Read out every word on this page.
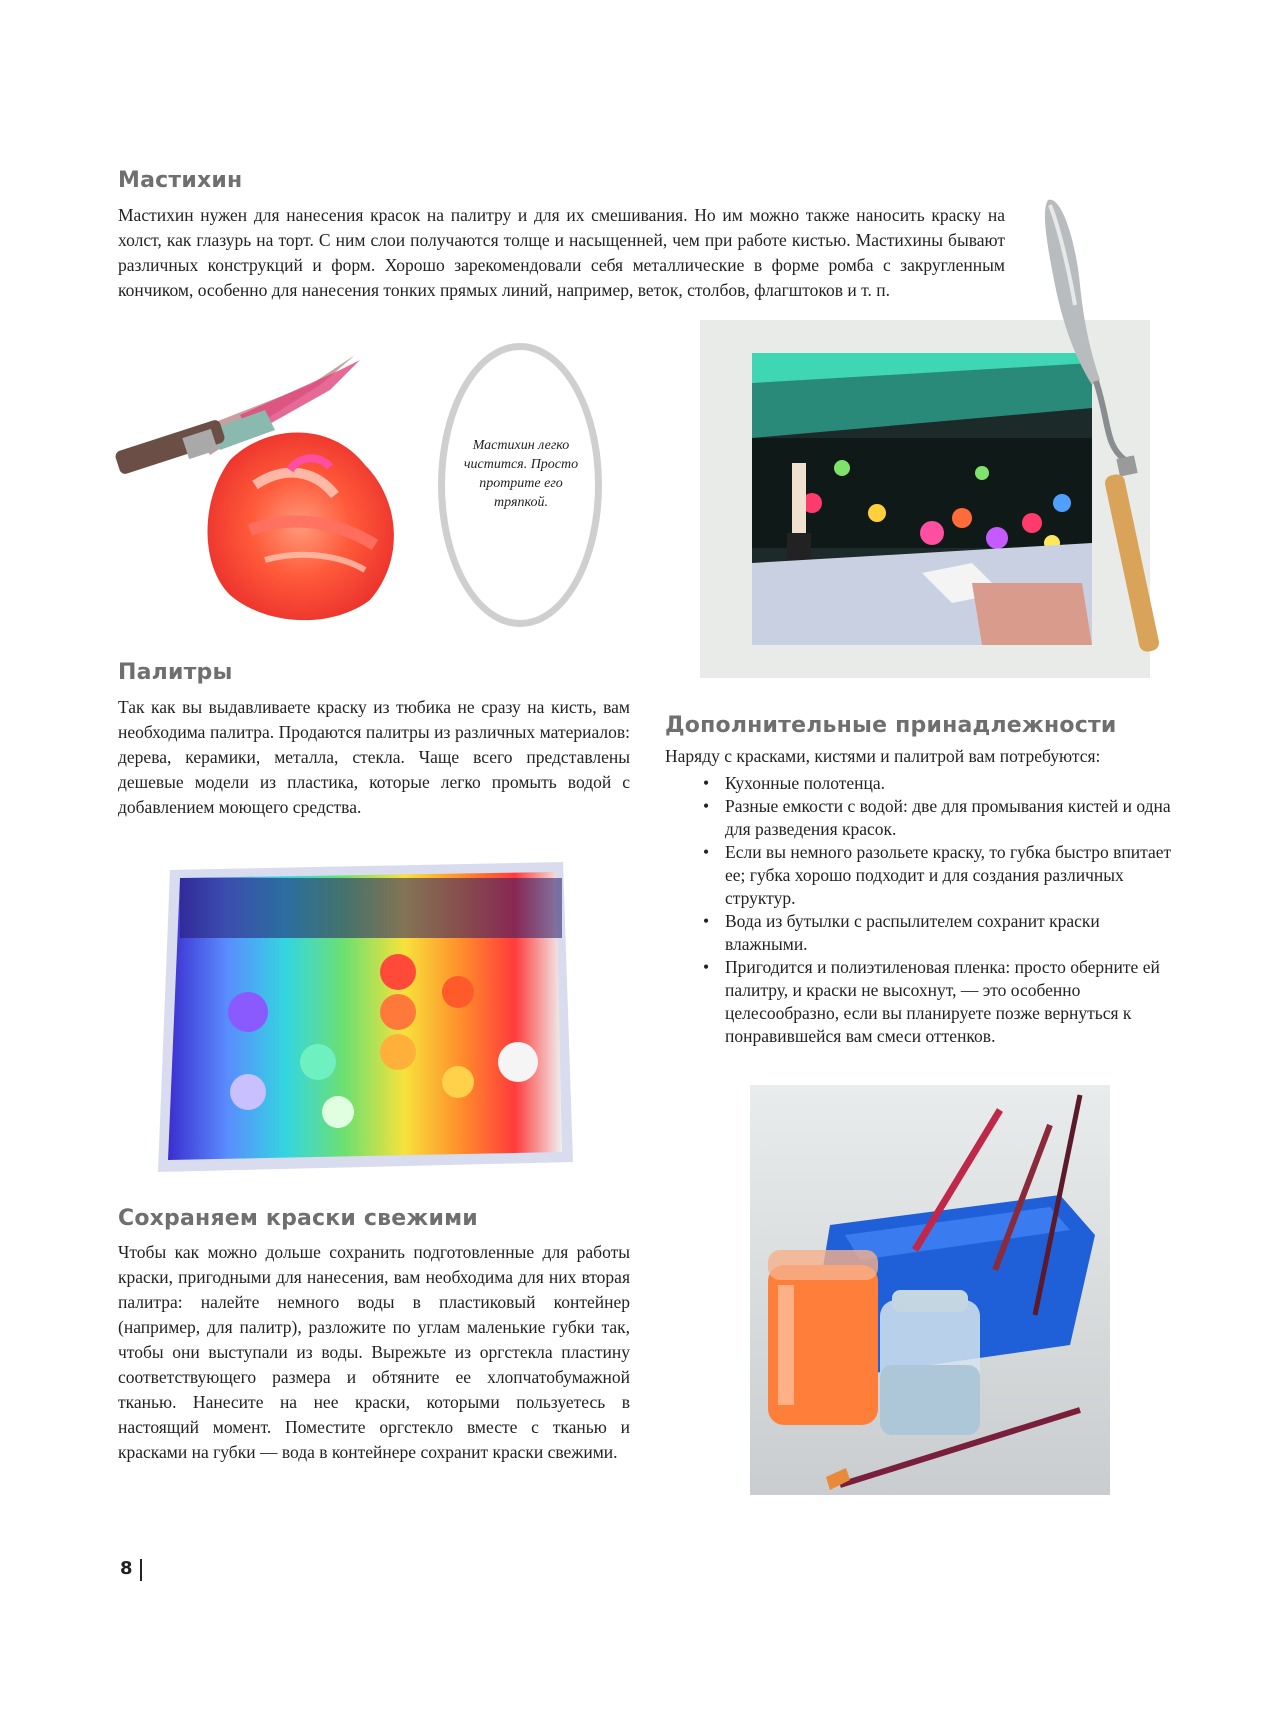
Мастихин

Мастихин нужен для нанесения красок на палитру и для их смешивания. Но им можно также наносить краску на холст, как глазурь на торт. С ним слои получаются толще и насыщенней, чем при работе кистью. Мастихины бывают различных конструкций и форм. Хорошо зарекомендовали себя металлические в форме ромба с закругленным кончиком, особенно для нанесения тонких прямых линий, например, веток, столбов, флагштоков и т. п.

Мастихин легко чистится. Просто протрите его тряпкой.
Палитры

Так как вы выдавливаете краску из тюбика не сразу на кисть, вам необходима палитра. Продаются палитры из различных материалов: дерева, керамики, металла, стекла. Чаще всего представлены дешевые модели из пластика, которые легко промыть водой с добавлением моющего средства.

Сохраняем краски свежими

Чтобы как можно дольше сохранить подготовленные для работы краски, пригодными для нанесения, вам необходима для них вторая палитра: налейте немного воды в пластиковый контейнер (например, для палитр), разложите по углам маленькие губки так, чтобы они выступали из воды. Вырежьте из оргстекла пластину соответствующего размера и обтяните ее хлопчатобумажной тканью. Нанесите на нее краски, которыми пользуетесь в настоящий момент. Поместите оргстекло вместе с тканью и красками на губки — вода в контейнере сохранит краски свежими.

Дополнительные принадлежности

Наряду с красками, кистями и палитрой вам потребуются:

• Кухонные полотенца.
• Разные емкости с водой: две для промывания кистей и одна для разведения красок.
• Если вы немного разольете краску, то губка быстро впитает ее; губка хорошо подходит и для создания различных структур.
• Вода из бутылки с распылителем сохранит краски влажными.
• Пригодится и полиэтиленовая пленка: просто оберните ей палитру, и краски не высохнут, — это особенно целесообразно, если вы планируете позже вернуться к понравившейся вам смеси оттенков.
8
